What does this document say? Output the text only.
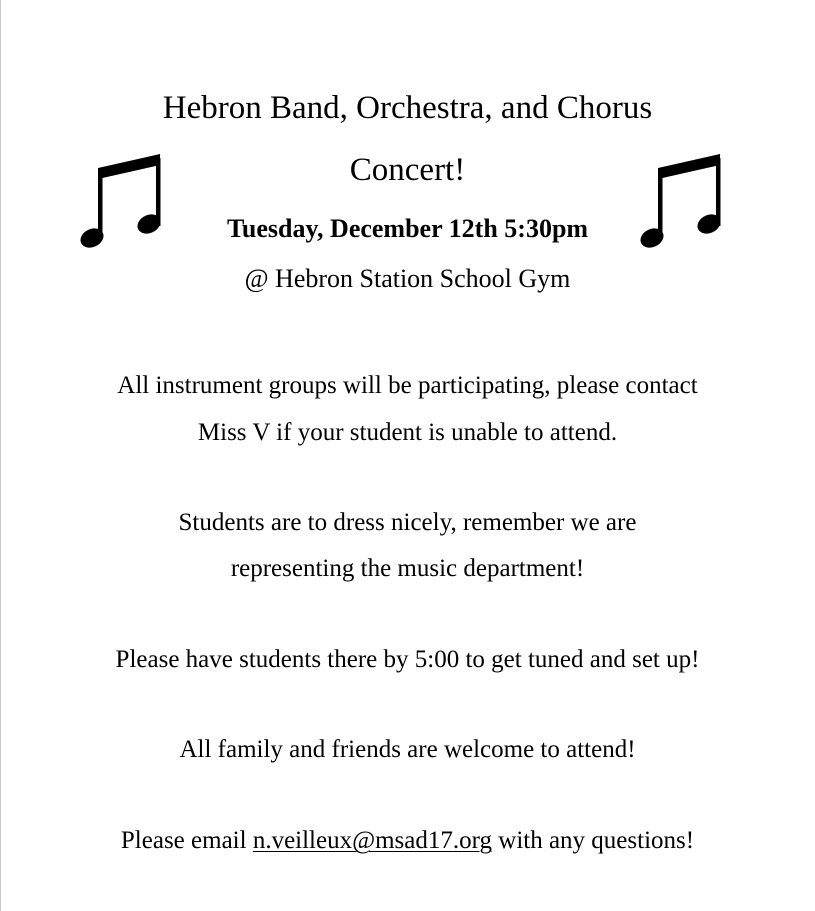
Hebron Band, Orchestra, and Chorus
Concert!
Tuesday, December 12th 5:30pm
@ Hebron Station School Gym
All instrument groups will be participating, please contact
Miss V if your student is unable to attend.
Students are to dress nicely, remember we are
representing the music department!
Please have students there by 5:00 to get tuned and set up!
All family and friends are welcome to attend!
Please email n.veilleux@msad17.org with any questions!
